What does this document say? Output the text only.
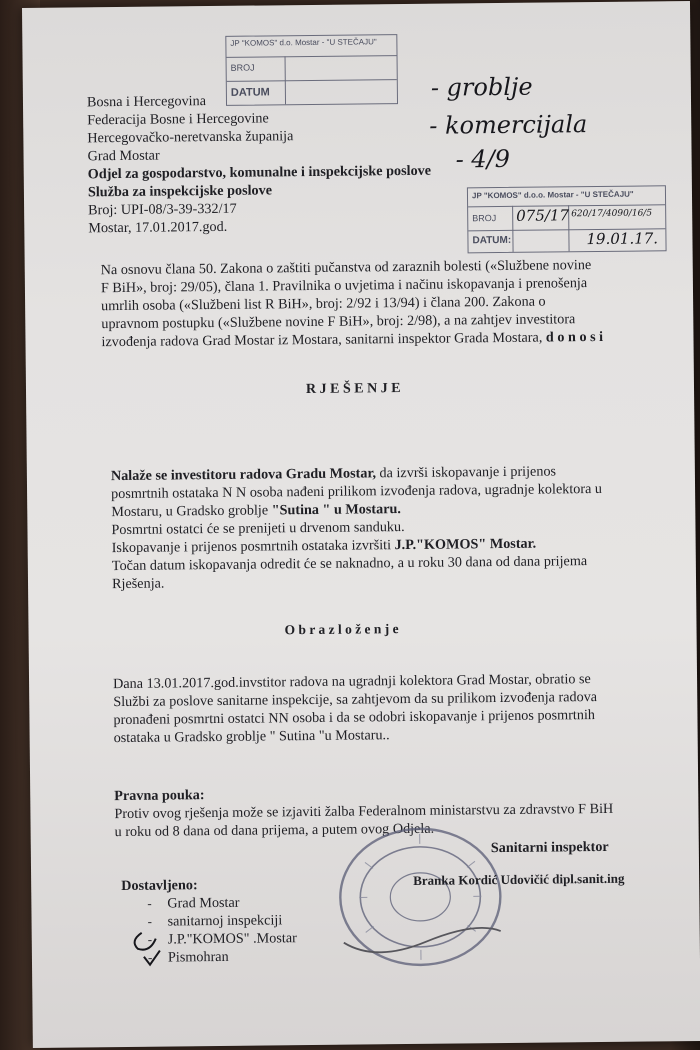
JP "KOMOS" d.o. Mostar - "U STEČAJU"
BROJ
DATUM	- groblje
- komercijala
- 4/9
Bosna i Hercegovina
Federacija Bosne i Hercegovine
Hercegovačko-neretvanska županija
Grad Mostar
Odjel za gospodarstvo, komunalne i inspekcijske poslove
Služba za inspekcijske poslove
Broj: UPI-08/3-39-332/17
Mostar, 17.01.2017.god.
JP "KOMOS" d.o.o. Mostar - "U STEČAJU"
BROJ 075/17 620/17/4090/16/5
DATUM:	19.01.17.
Na osnovu člana 50. Zakona o zaštiti pučanstva od zaraznih bolesti («Službene novine
F BiH», broj: 29/05), člana 1. Pravilnika o uvjetima i načinu iskopavanja i prenošenja
umrlih osoba («Službeni list R BiH», broj: 2/92 i 13/94) i člana 200. Zakona o
upravnom postupku («Službene novine F BiH», broj: 2/98), a na zahtjev investitora
izvođenja radova Grad Mostar iz Mostara, sanitarni inspektor Grada Mostara, d o n o s i
R J E Š E N J E
Nalaže se investitoru radova Gradu Mostar, da izvrši iskopavanje i prijenos
posmrtnih ostataka N N osoba nađeni prilikom izvođenja radova, ugradnje kolektora u
Mostaru, u Gradsko groblje "Sutina " u Mostaru.
Posmrtni ostatci će se prenijeti u drvenom sanduku.
Iskopavanje i prijenos posmrtnih ostataka izvršiti J.P."KOMOS" Mostar.
Točan datum iskopavanja odredit će se naknadno, a u roku 30 dana od dana prijema
Rješenja.
O b r a z l o ž e n j e
Dana 13.01.2017.god.invstitor radova na ugradnji kolektora Grad Mostar, obratio se
Službi za poslove sanitarne inspekcije, sa zahtjevom da su prilikom izvođenja radova
pronađeni posmrtni ostatci NN osoba i da se odobri iskopavanje i prijenos posmrtnih
ostataka u Gradsko groblje " Sutina "u Mostaru..
Pravna pouka:
Protiv ovog rješenja može se izjaviti žalba Federalnom ministarstvu za zdravstvo F BiH
u roku od 8 dana od dana prijema, a putem ovog Odjela.
Sanitarni inspektor
Branka Kordić Udovičić dipl.sanit.ing
Dostavljeno:
- Grad Mostar
- sanitarnoj inspekciji
- J.P."KOMOS" .Mostar
- Pismohran
